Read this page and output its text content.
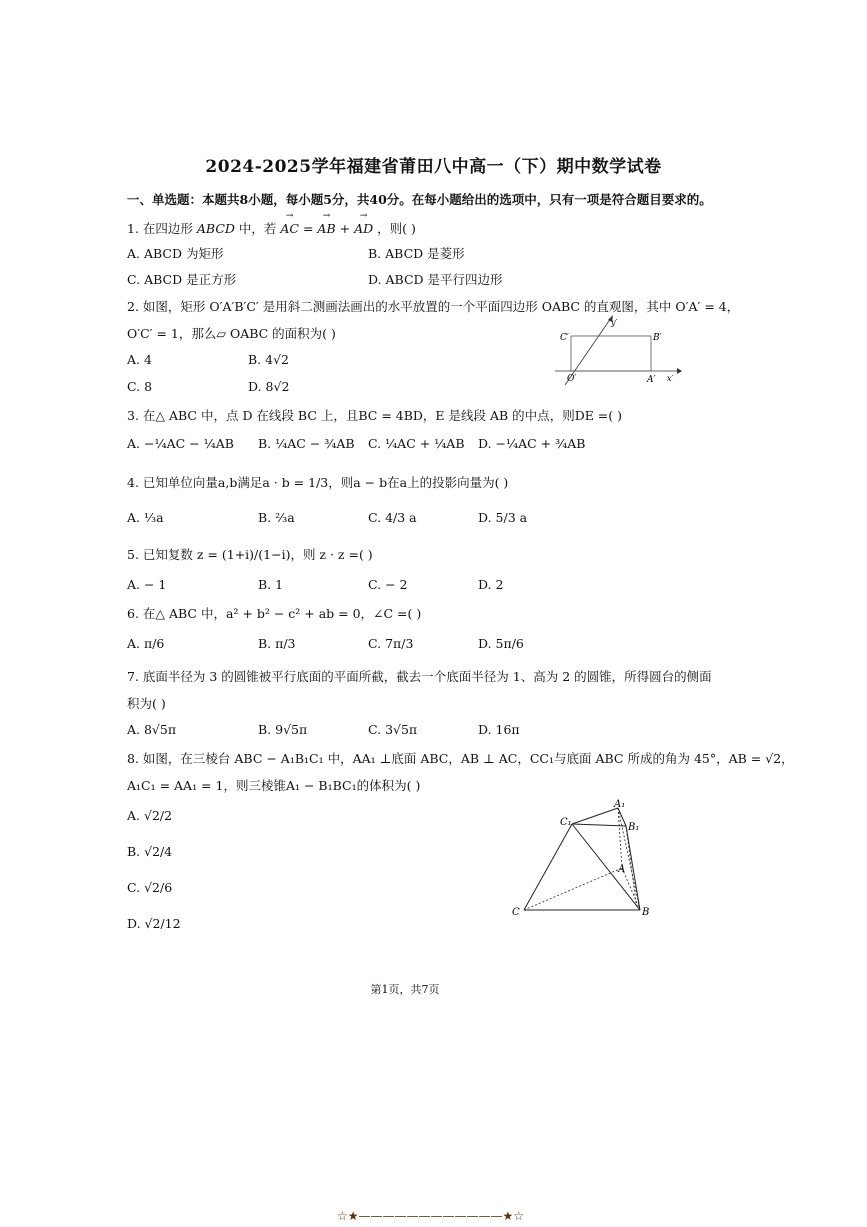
2024-2025学年福建省莆田八中高一（下）期中数学试卷
一、单选题：本题共8小题，每小题5分，共40分。在每小题给出的选项中，只有一项是符合题目要求的。
1. 在四边形 ABCD 中，若 → AC = → AB + → AD ，则( )
A. ABCD 为矩形	B. ABCD 是菱形
C. ABCD 是正方形	D. ABCD 是平行四边形
2. 如图，矩形 O′A′B′C′ 是用斜二测画法画出的水平放置的一个平面四边形 OABC 的直观图，其中 O′A′ = 4，
O′C′ = 1，那么▱ OABC 的面积为( )
A. 4	B. 4√2
C. 8	D. 8√2
C′	B′
O′	A′ x′
y′
3. 在△ ABC 中，点 D 在线段 BC 上，且BC = 4BD，E 是线段 AB 的中点，则DE =( )
A. −¼AC − ¼AB B. ¼AC − ¾AB C. ¼AC + ¼AB D. −¼AC + ¾AB
4. 已知单位向量a,b满足a · b = 1/3，则a − b在a上的投影向量为( )
A. ⅓a	B. ⅔a	C. 4/3 a	D. 5/3 a
5. 已知复数 z = (1+i)/(1−i)，则 z · z =( )
A. − 1	B. 1	C. − 2	D. 2
6. 在△ ABC 中，a² + b² − c² + ab = 0，∠C =( )
A. π/6	B. π/3	C. 7π/3	D. 5π/6
7. 底面半径为 3 的圆锥被平行底面的平面所截，截去一个底面半径为 1、高为 2 的圆锥，所得圆台的侧面
积为( )
A. 8√5π	B. 9√5π	C. 3√5π	D. 16π
8. 如图，在三棱台 ABC − A₁B₁C₁ 中，AA₁ ⊥底面 ABC，AB ⊥ AC，CC₁与底面 ABC 所成的角为 45°，AB = √2，
A₁C₁ = AA₁ = 1，则三棱锥A₁ − B₁BC₁的体积为( )
A. √2/2
B. √2/4
C. √2/6
D. √2/12
A₁
B₁
C₁
A
B
C
第1页，共7页
☆★————————————★☆
